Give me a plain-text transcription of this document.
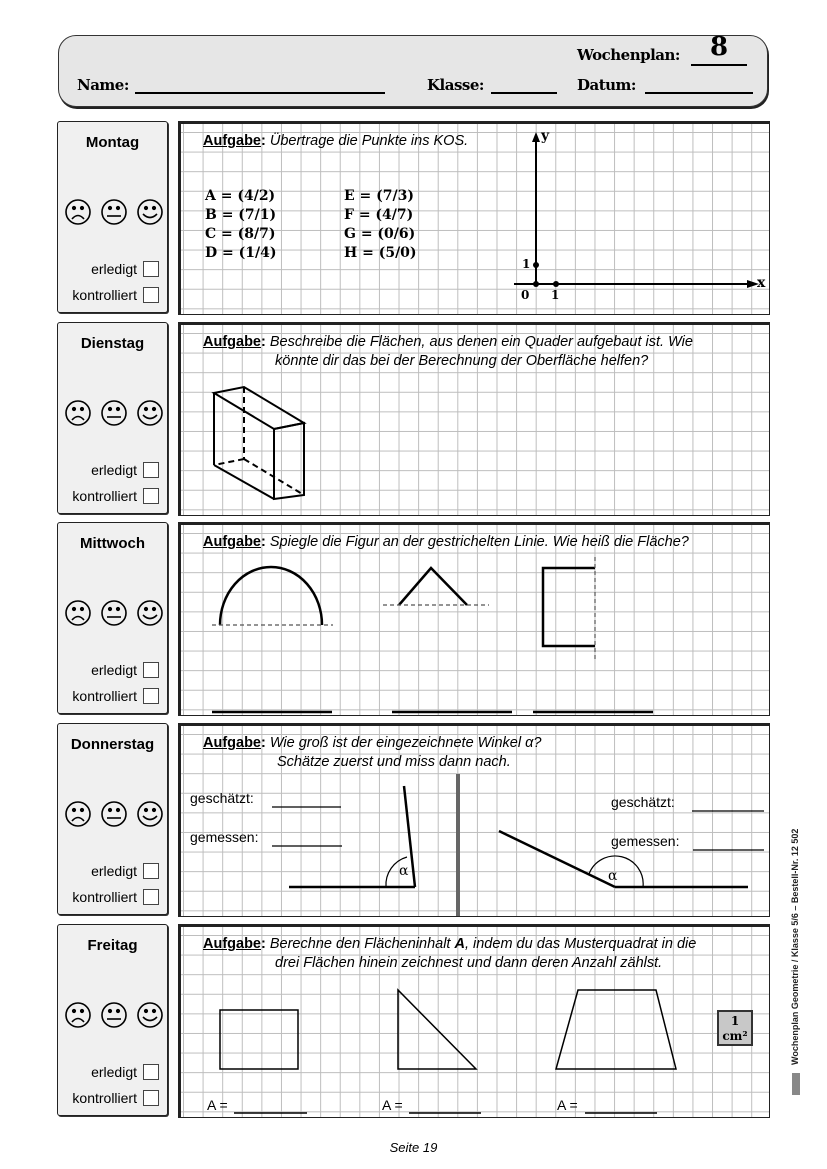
Wochenplan:	8
Name:	Klasse:	Datum:
Montag
erledigt
kontrolliert
Dienstag
erledigt
kontrolliert
Mittwoch
erledigt
kontrolliert
Donnerstag
erledigt
kontrolliert
Freitag
erledigt
kontrolliert
Aufgabe: Übertrage die Punkte ins KOS.
A = (4/2)
B = (7/1)
C = (8/7)
D = (1/4)
E = (7/3)
F = (4/7)
G = (0/6)
H = (5/0)
y
x
0 1
1
Aufgabe: Beschreibe die Flächen, aus denen ein Quader aufgebaut ist. Wie
könnte dir das bei der Berechnung der Oberfläche helfen?
Aufgabe: Spiegle die Figur an der gestrichelten Linie. Wie heiß die Fläche?
Aufgabe: Wie groß ist der eingezeichnete Winkel α?
Schätze zuerst und miss dann nach.
geschätzt:
gemessen:
geschätzt:
gemessen:
α	α
Aufgabe: Berechne den Flächeninhalt A, indem du das Musterquadrat in die
drei Flächen hinein zeichnest und dann deren Anzahl zählst.
A =	A =	A =
1
cm²	Wochenplan Geometrie / Klasse 5/6 – Bestell-Nr. 12 502
Seite 19
